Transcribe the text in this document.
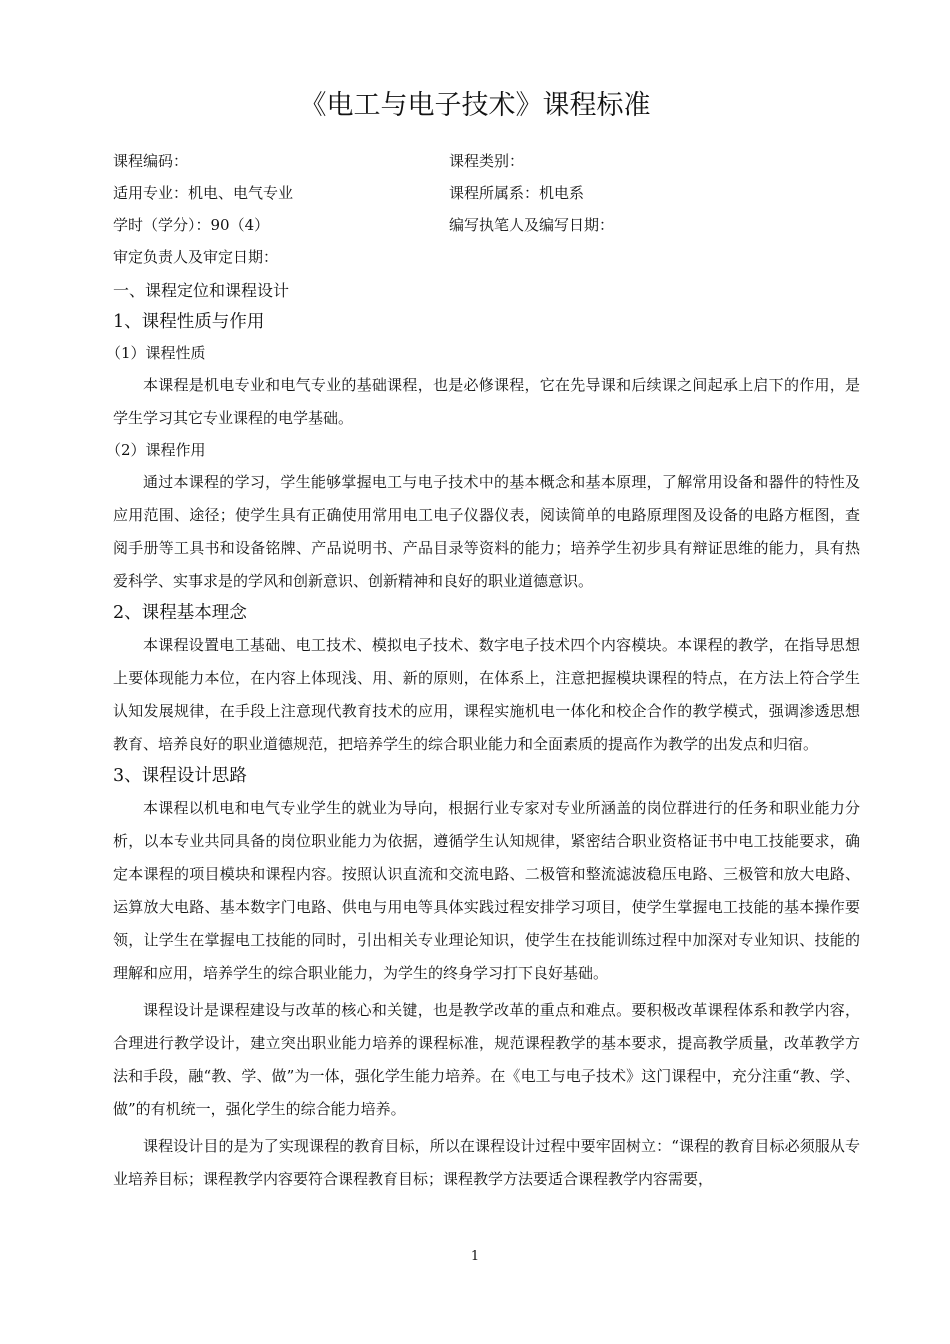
《电工与电子技术》课程标准
课程编码：	课程类别：
适用专业：机电、电气专业	课程所属系：机电系
学时（学分）：90（4）	编写执笔人及编写日期：
审定负责人及审定日期：
一、课程定位和课程设计
1、课程性质与作用
（1）课程性质

本课程是机电专业和电气专业的基础课程，也是必修课程，它在先导课和后续课之间起承上启下的作用，是学生学习其它专业课程的电学基础。

（2）课程作用

通过本课程的学习，学生能够掌握电工与电子技术中的基本概念和基本原理，了解常用设备和器件的特性及应用范围、途径；使学生具有正确使用常用电工电子仪器仪表，阅读简单的电路原理图及设备的电路方框图，查阅手册等工具书和设备铭牌、产品说明书、产品目录等资料的能力；培养学生初步具有辩证思维的能力，具有热爱科学、实事求是的学风和创新意识、创新精神和良好的职业道德意识。

2、课程基本理念

本课程设置电工基础、电工技术、模拟电子技术、数字电子技术四个内容模块。本课程的教学，在指导思想上要体现能力本位，在内容上体现浅、用、新的原则，在体系上，注意把握模块课程的特点，在方法上符合学生认知发展规律，在手段上注意现代教育技术的应用，课程实施机电一体化和校企合作的教学模式，强调渗透思想教育、培养良好的职业道德规范，把培养学生的综合职业能力和全面素质的提高作为教学的出发点和归宿。

3、课程设计思路

本课程以机电和电气专业学生的就业为导向，根据行业专家对专业所涵盖的岗位群进行的任务和职业能力分析，以本专业共同具备的岗位职业能力为依据，遵循学生认知规律，紧密结合职业资格证书中电工技能要求，确定本课程的项目模块和课程内容。按照认识直流和交流电路、二极管和整流滤波稳压电路、三极管和放大电路、运算放大电路、基本数字门电路、供电与用电等具体实践过程安排学习项目，使学生掌握电工技能的基本操作要领，让学生在掌握电工技能的同时，引出相关专业理论知识，使学生在技能训练过程中加深对专业知识、技能的理解和应用，培养学生的综合职业能力，为学生的终身学习打下良好基础。

课程设计是课程建设与改革的核心和关键，也是教学改革的重点和难点。要积极改革课程体系和教学内容，合理进行教学设计，建立突出职业能力培养的课程标准，规范课程教学的基本要求，提高教学质量，改革教学方法和手段，融“教、学、做”为一体，强化学生能力培养。在《电工与电子技术》这门课程中，充分注重“教、学、做”的有机统一，强化学生的综合能力培养。

课程设计目的是为了实现课程的教育目标，所以在课程设计过程中要牢固树立：“课程的教育目标必须服从专业培养目标；课程教学内容要符合课程教育目标；课程教学方法要适合课程教学内容需要，

1
